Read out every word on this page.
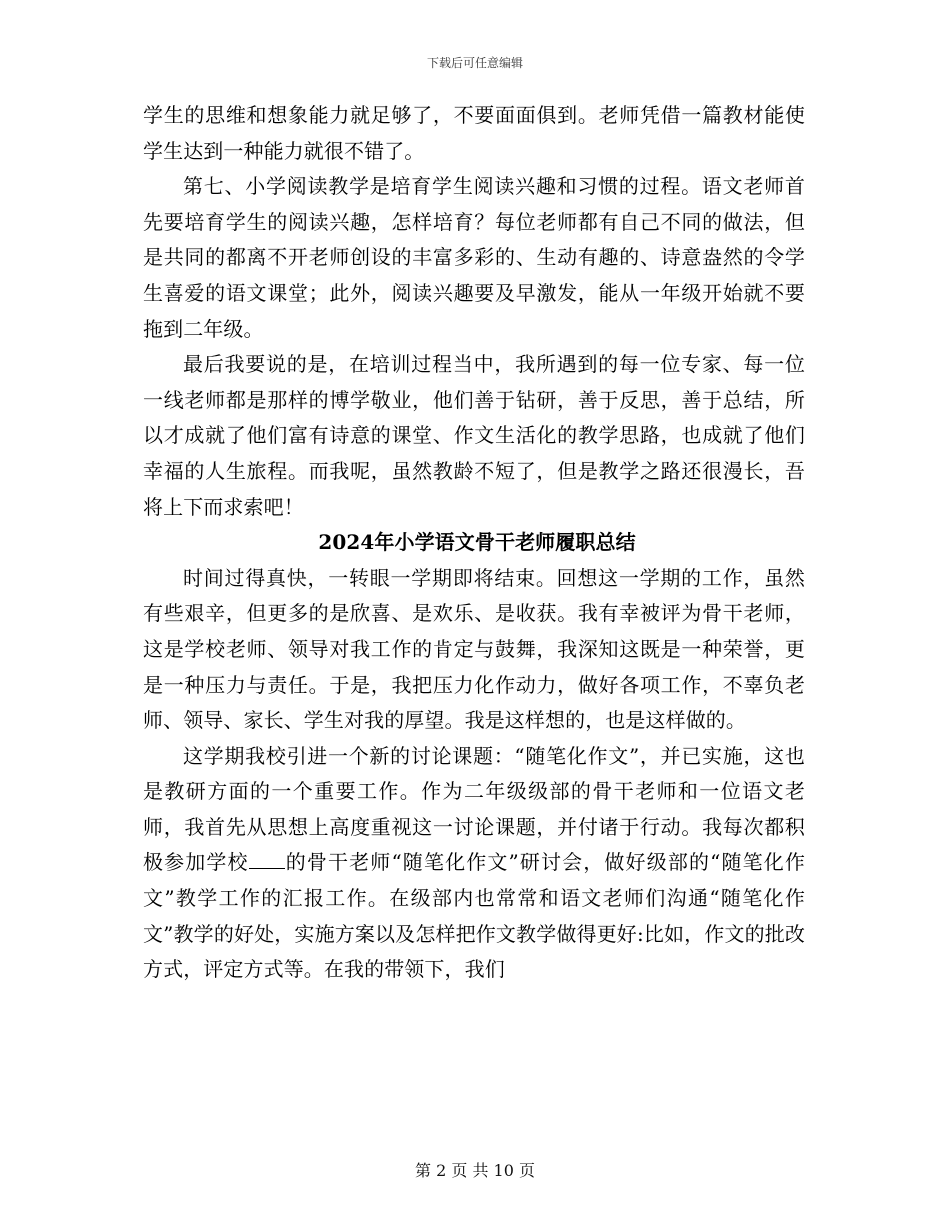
下载后可任意编辑

学生的思维和想象能力就足够了，不要面面俱到。老师凭借一篇教材能使学生达到一种能力就很不错了。

第七、小学阅读教学是培育学生阅读兴趣和习惯的过程。语文老师首先要培育学生的阅读兴趣，怎样培育？每位老师都有自己不同的做法，但是共同的都离不开老师创设的丰富多彩的、生动有趣的、诗意盎然的令学生喜爱的语文课堂；此外，阅读兴趣要及早激发，能从一年级开始就不要拖到二年级。

最后我要说的是，在培训过程当中，我所遇到的每一位专家、每一位一线老师都是那样的博学敬业，他们善于钻研，善于反思，善于总结，所以才成就了他们富有诗意的课堂、作文生活化的教学思路，也成就了他们幸福的人生旅程。而我呢，虽然教龄不短了，但是教学之路还很漫长，吾将上下而求索吧！

2024年小学语文骨干老师履职总结

时间过得真快，一转眼一学期即将结束。回想这一学期的工作，虽然有些艰辛，但更多的是欣喜、是欢乐、是收获。我有幸被评为骨干老师，这是学校老师、领导对我工作的肯定与鼓舞，我深知这既是一种荣誉，更是一种压力与责任。于是，我把压力化作动力，做好各项工作，不辜负老师、领导、家长、学生对我的厚望。我是这样想的，也是这样做的。

这学期我校引进一个新的讨论课题：“随笔化作文”，并已实施，这也是教研方面的一个重要工作。作为二年级级部的骨干老师和一位语文老师，我首先从思想上高度重视这一讨论课题，并付诸于行动。我每次都积极参加学校 的骨干老师“随笔化作文”研讨会，做好级部的“随笔化作文”教学工作的汇报工作。在级部内也常常和语文老师们沟通“随笔化作文”教学的好处，实施方案以及怎样把作文教学做得更好:比如，作文的批改方式，评定方式等。在我的带领下，我们

第 2 页 共 10 页
